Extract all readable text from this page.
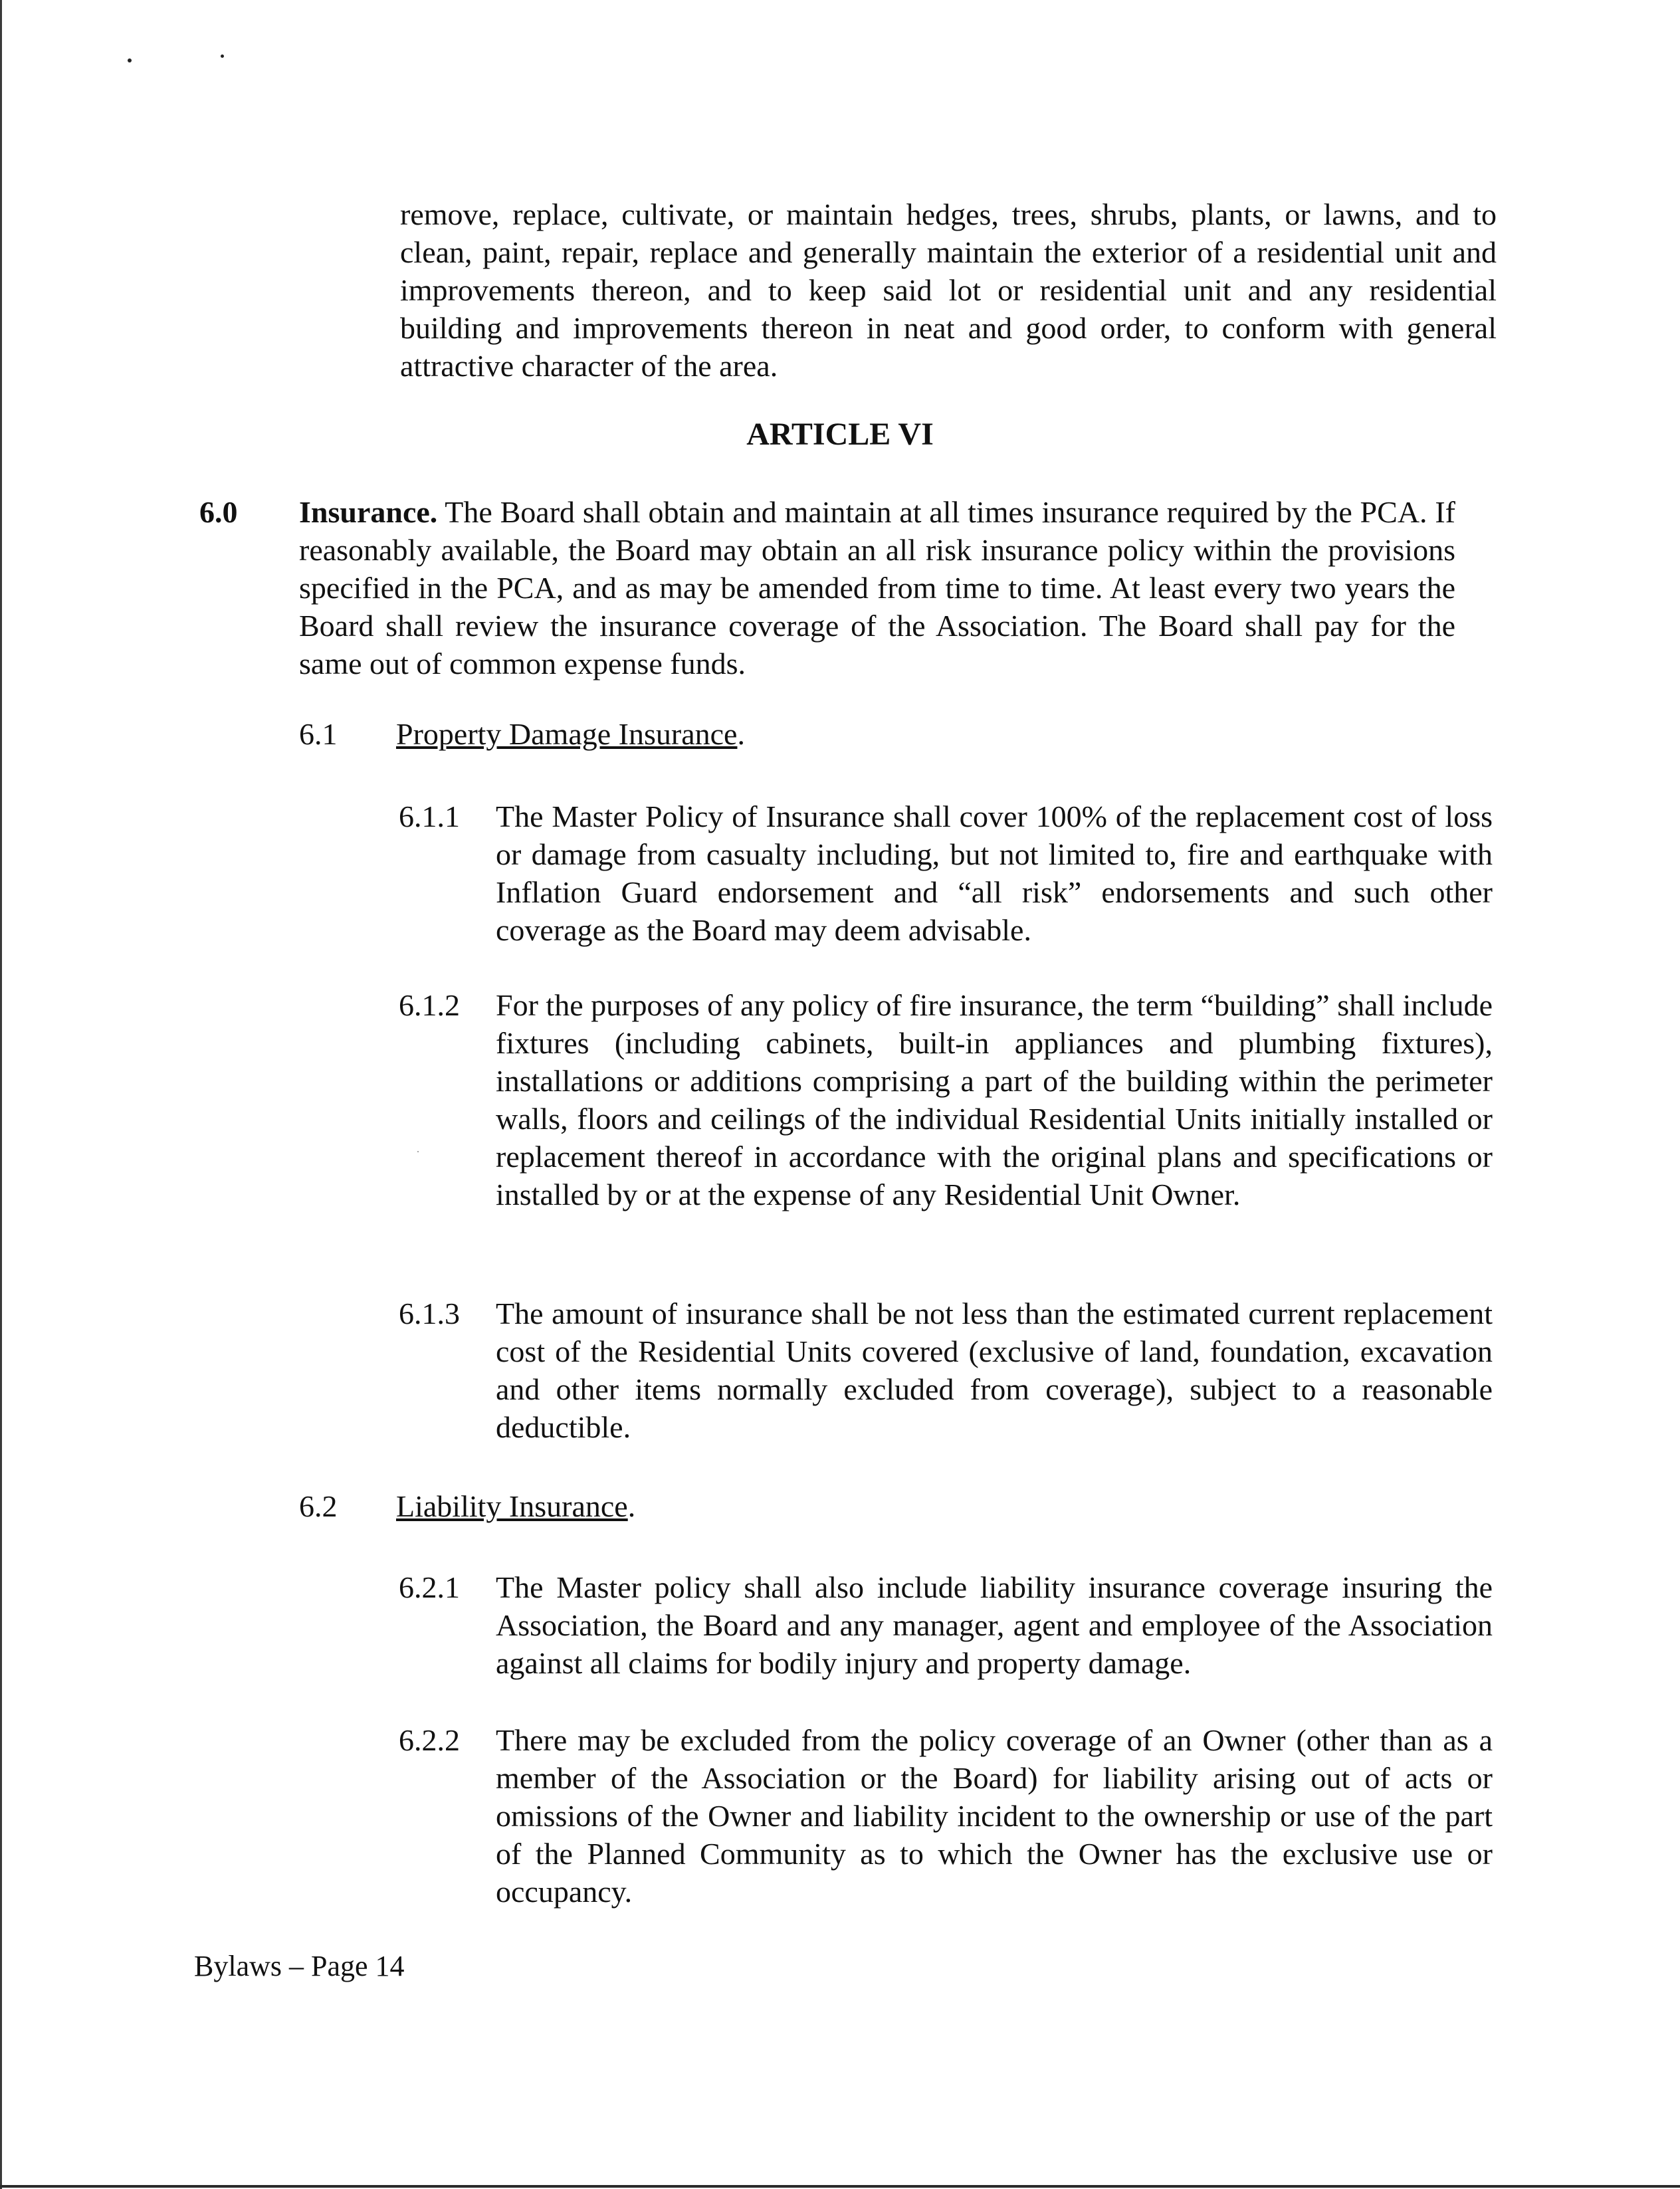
remove, replace, cultivate, or maintain hedges, trees, shrubs, plants, or lawns, and to clean, paint, repair, replace and generally maintain the exterior of a residential unit and improvements thereon, and to keep said lot or residential unit and any residential building and improvements thereon in neat and good order, to conform with general attractive character of the area.

ARTICLE VI

6.0 Insurance. The Board shall obtain and maintain at all times insurance required by the PCA. If reasonably available, the Board may obtain an all risk insurance policy within the provisions specified in the PCA, and as may be amended from time to time. At least every two years the Board shall review the insurance coverage of the Association. The Board shall pay for the same out of common expense funds.

6.1 Property Damage Insurance.

6.1.1 The Master Policy of Insurance shall cover 100% of the replacement cost of loss or damage from casualty including, but not limited to, fire and earthquake with Inflation Guard endorsement and “all risk” endorsements and such other coverage as the Board may deem advisable.

6.1.2 For the purposes of any policy of fire insurance, the term “building” shall include fixtures (including cabinets, built-in appliances and plumbing fixtures), installations or additions comprising a part of the building within the perimeter walls, floors and ceilings of the individual Residential Units initially installed or replacement thereof in accordance with the original plans and specifications or installed by or at the expense of any Residential Unit Owner.

6.1.3 The amount of insurance shall be not less than the estimated current replacement cost of the Residential Units covered (exclusive of land, foundation, excavation and other items normally excluded from coverage), subject to a reasonable deductible.

6.2 Liability Insurance.

6.2.1 The Master policy shall also include liability insurance coverage insuring the Association, the Board and any manager, agent and employee of the Association against all claims for bodily injury and property damage.

6.2.2 There may be excluded from the policy coverage of an Owner (other than as a member of the Association or the Board) for liability arising out of acts or omissions of the Owner and liability incident to the ownership or use of the part of the Planned Community as to which the Owner has the exclusive use or occupancy.

Bylaws – Page 14
